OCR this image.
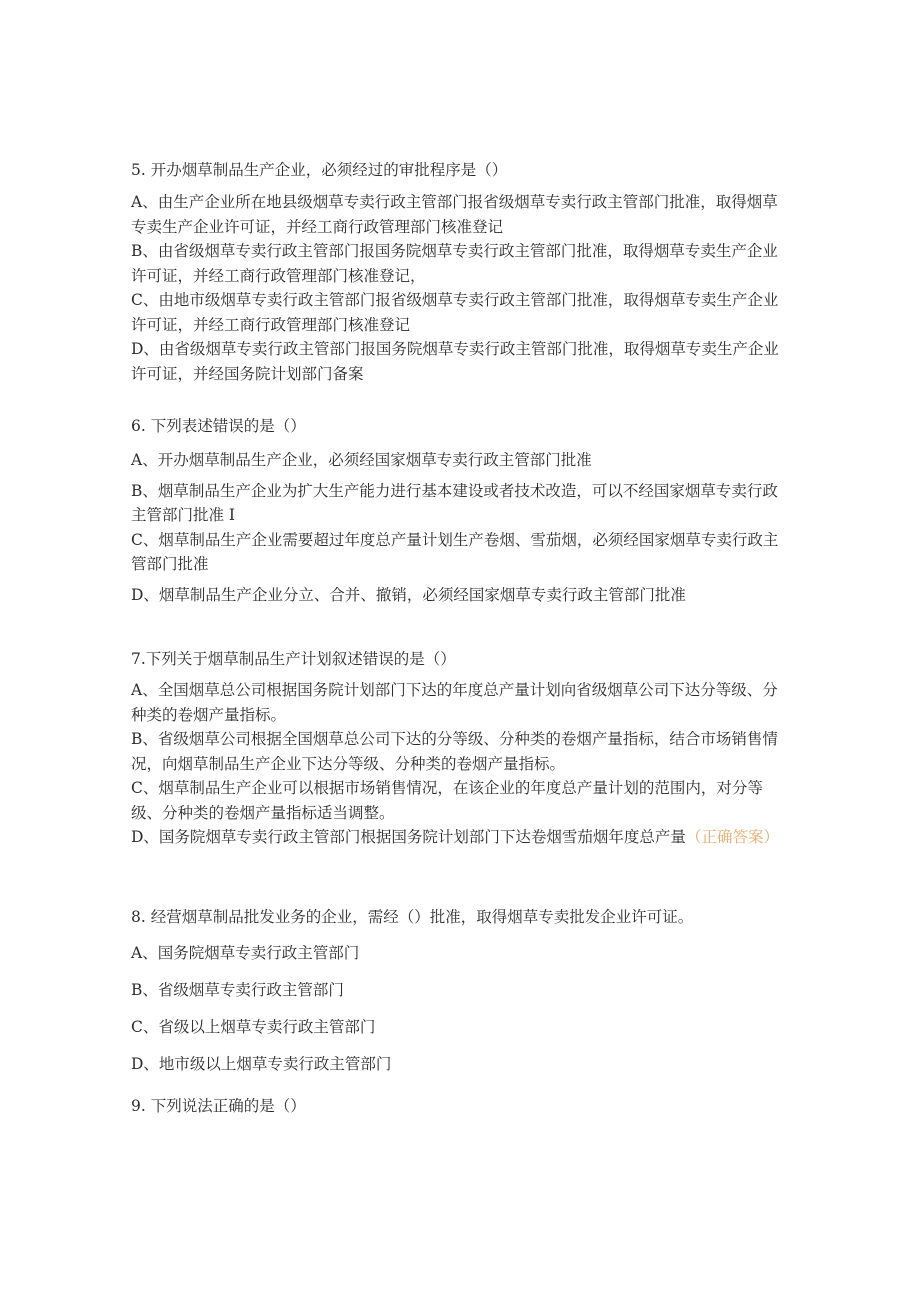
5. 开办烟草制品生产企业，必须经过的审批程序是（）

A、由生产企业所在地县级烟草专卖行政主管部门报省级烟草专卖行政主管部门批准，取得烟草专卖生产企业许可证，并经工商行政管理部门核准登记

B、由省级烟草专卖行政主管部门报国务院烟草专卖行政主管部门批准，取得烟草专卖生产企业许可证，并经工商行政管理部门核准登记，

C、由地市级烟草专卖行政主管部门报省级烟草专卖行政主管部门批准，取得烟草专卖生产企业许可证，并经工商行政管理部门核准登记

D、由省级烟草专卖行政主管部门报国务院烟草专卖行政主管部门批准，取得烟草专卖生产企业许可证，并经国务院计划部门备案

6. 下列表述错误的是（）

A、开办烟草制品生产企业，必须经国家烟草专卖行政主管部门批准

B、烟草制品生产企业为扩大生产能力进行基本建设或者技术改造，可以不经国家烟草专卖行政主管部门批准 I

C、烟草制品生产企业需要超过年度总产量计划生产卷烟、雪茄烟，必须经国家烟草专卖行政主管部门批准

D、烟草制品生产企业分立、合并、撤销，必须经国家烟草专卖行政主管部门批准

7.下列关于烟草制品生产计划叙述错误的是（）

A、全国烟草总公司根据国务院计划部门下达的年度总产量计划向省级烟草公司下达分等级、分种类的卷烟产量指标。

B、省级烟草公司根据全国烟草总公司下达的分等级、分种类的卷烟产量指标，结合市场销售情况，向烟草制品生产企业下达分等级、分种类的卷烟产量指标。

C、烟草制品生产企业可以根据市场销售情况，在该企业的年度总产量计划的范围内，对分等级、分种类的卷烟产量指标适当调整。

D、国务院烟草专卖行政主管部门根据国务院计划部门下达卷烟雪茄烟年度总产量（正确答案）

8. 经营烟草制品批发业务的企业，需经（）批准，取得烟草专卖批发企业许可证。

A、国务院烟草专卖行政主管部门

B、省级烟草专卖行政主管部门

C、省级以上烟草专卖行政主管部门

D、地市级以上烟草专卖行政主管部门

9. 下列说法正确的是（）
